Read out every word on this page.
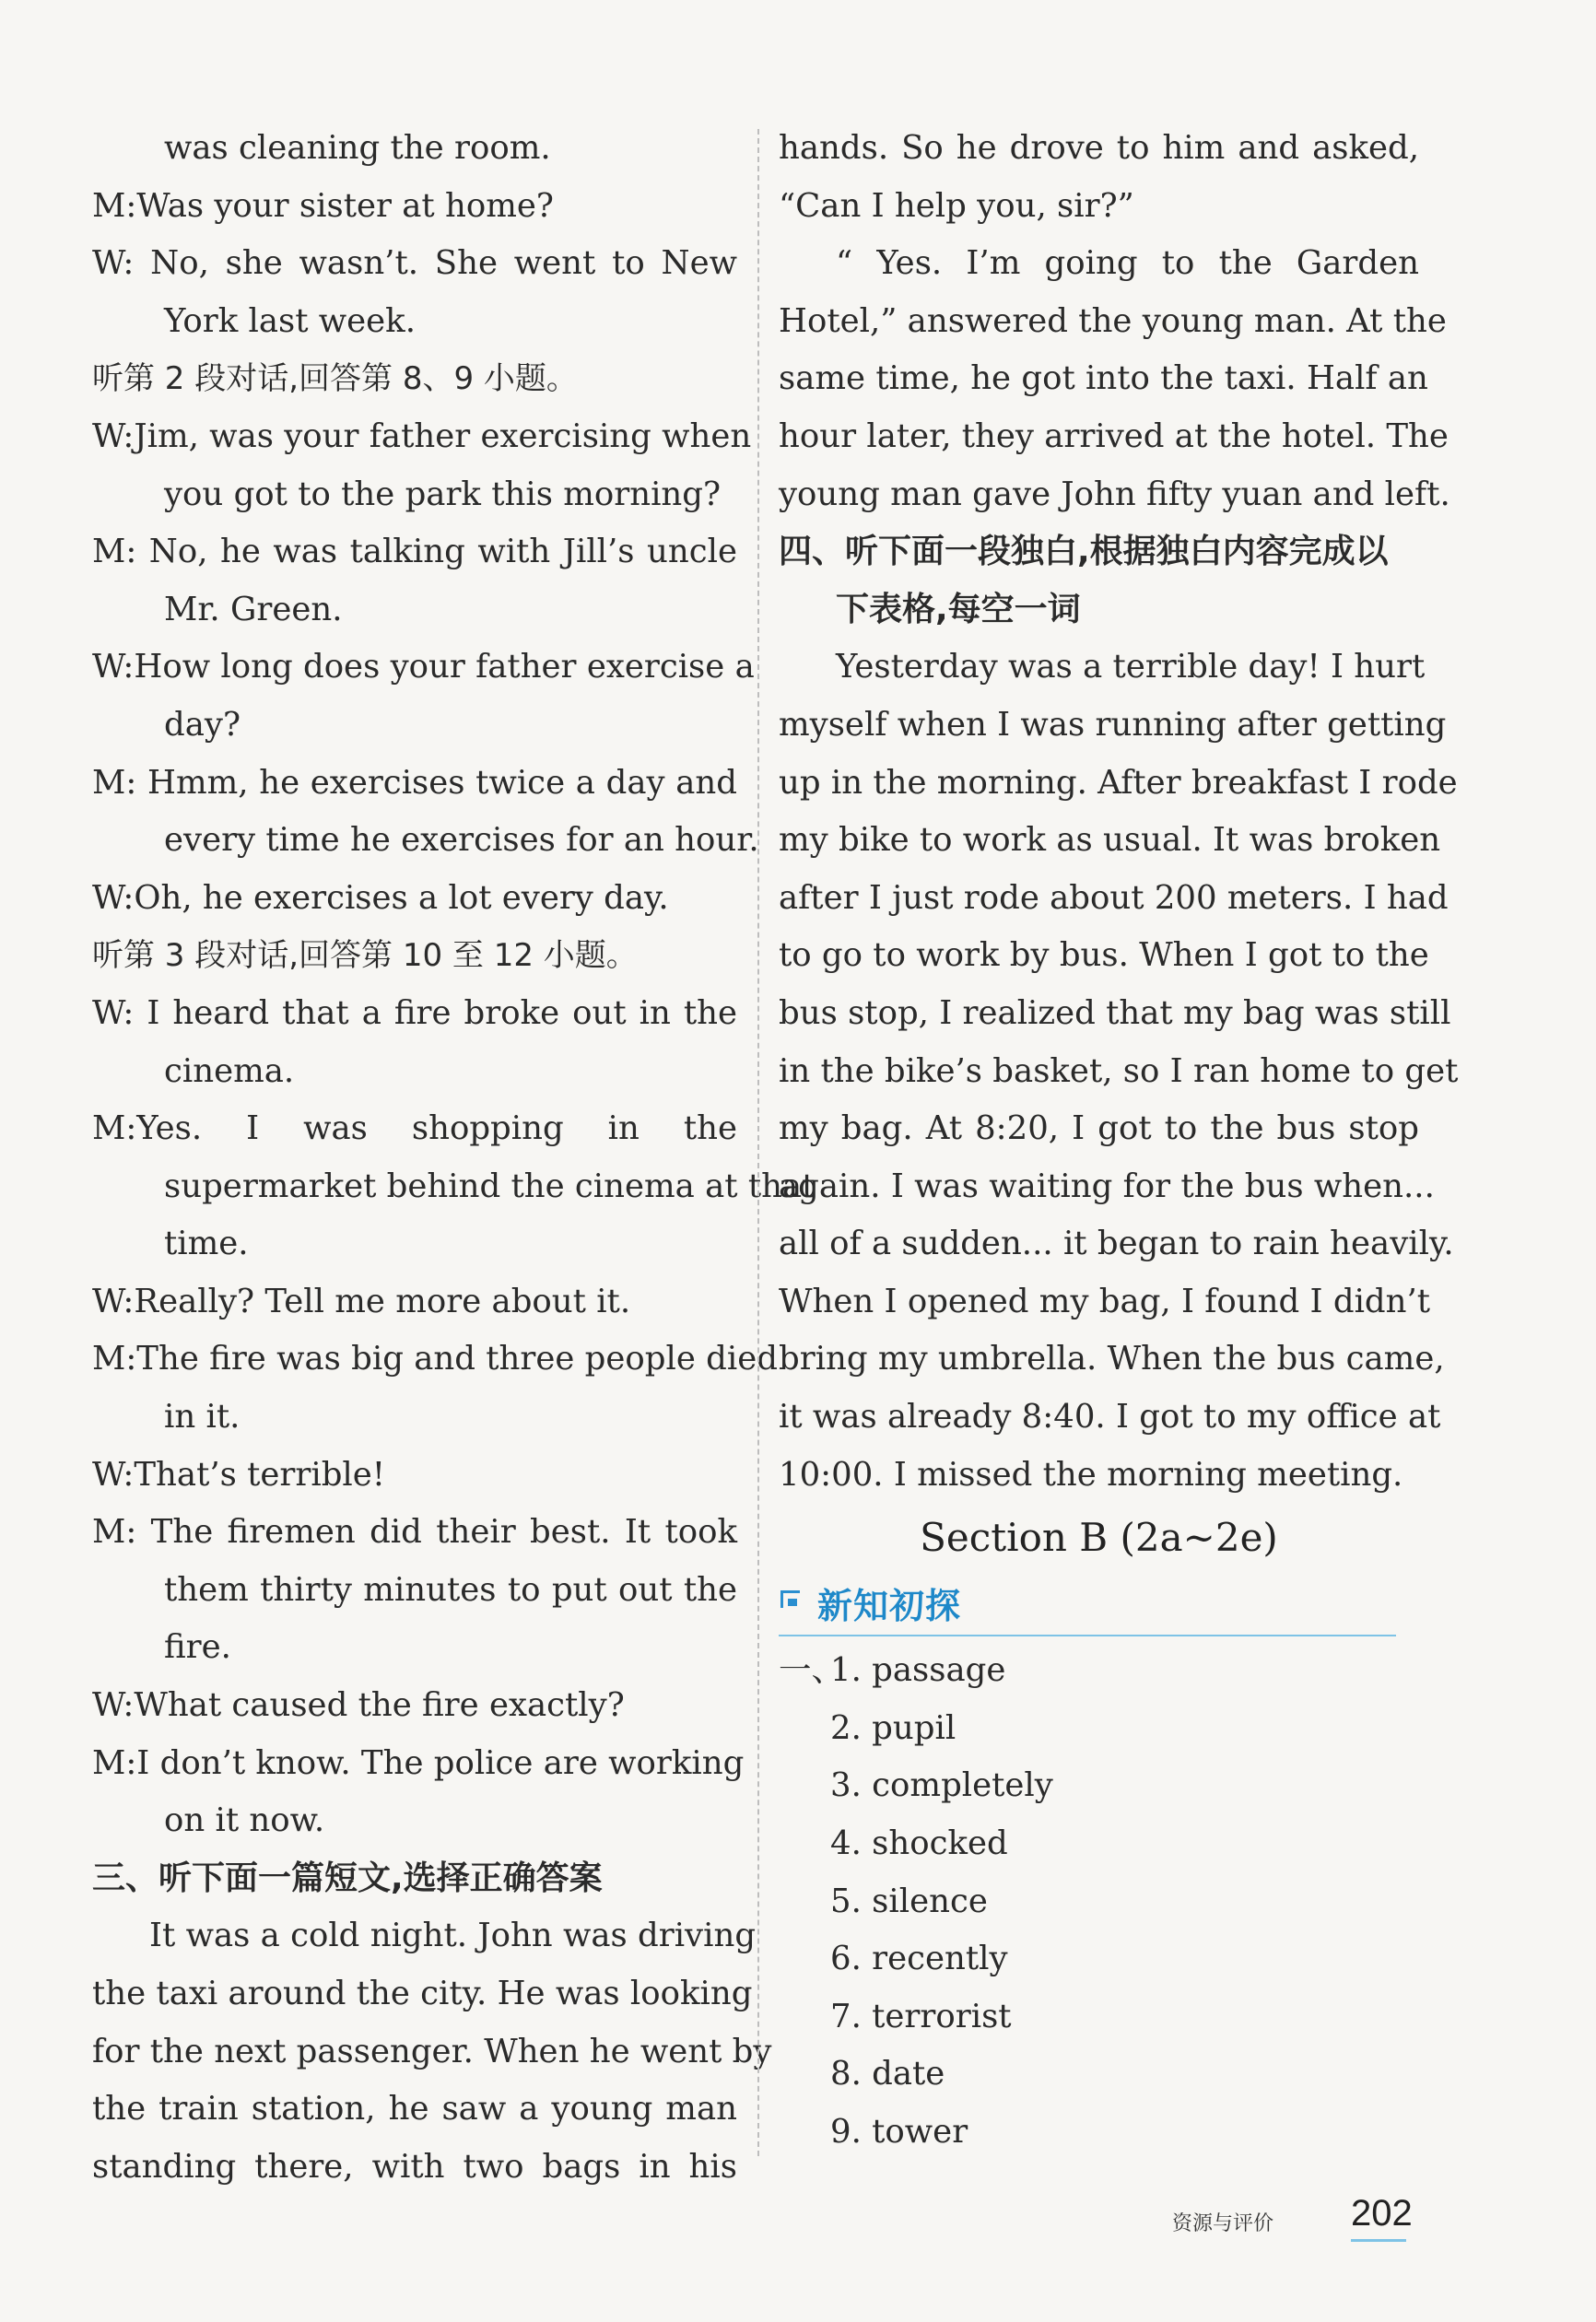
was cleaning the room.
M:Was your sister at home?
W: No, she wasn’t. She went to New
York last week.
听第 2 段对话,回答第 8、9 小题。
W:Jim, was your father exercising when
you got to the park this morning?
M: No, he was talking with Jill’s uncle
Mr. Green.
W:How long does your father exercise a
day?
M: Hmm, he exercises twice a day and
every time he exercises for an hour.
W:Oh, he exercises a lot every day.
听第 3 段对话,回答第 10 至 12 小题。
W: I heard that a fire broke out in the
cinema.
M:Yes. I was shopping in the
supermarket behind the cinema at that
time.
W:Really? Tell me more about it.
M:The fire was big and three people died
in it.
W:That’s terrible!
M: The firemen did their best. It took
them thirty minutes to put out the
fire.
W:What caused the fire exactly?
M:I don’t know. The police are working
on it now.
三、听下面一篇短文,选择正确答案
It was a cold night. John was driving
the taxi around the city. He was looking
for the next passenger. When he went by
the train station, he saw a young man
standing there, with two bags in his
hands. So he drove to him and asked,
“Can I help you, sir?”
“ Yes. I’m going to the Garden
Hotel,” answered the young man. At the
same time, he got into the taxi. Half an
hour later, they arrived at the hotel. The
young man gave John fifty yuan and left.
四、听下面一段独白,根据独白内容完成以
下表格,每空一词
Yesterday was a terrible day! I hurt
myself when I was running after getting
up in the morning. After breakfast I rode
my bike to work as usual. It was broken
after I just rode about 200 meters. I had
to go to work by bus. When I got to the
bus stop, I realized that my bag was still
in the bike’s basket, so I ran home to get
my bag. At 8:20, I got to the bus stop
again. I was waiting for the bus when...
all of a sudden... it began to rain heavily.
When I opened my bag, I found I didn’t
bring my umbrella. When the bus came,
it was already 8:40. I got to my office at
10:00. I missed the morning meeting.
Section B (2a~2e)
新知初探
一、1. passage
2. pupil
3. completely
4. shocked
5. silence
6. recently
7. terrorist
8. date
9. tower
资源与评价 202
